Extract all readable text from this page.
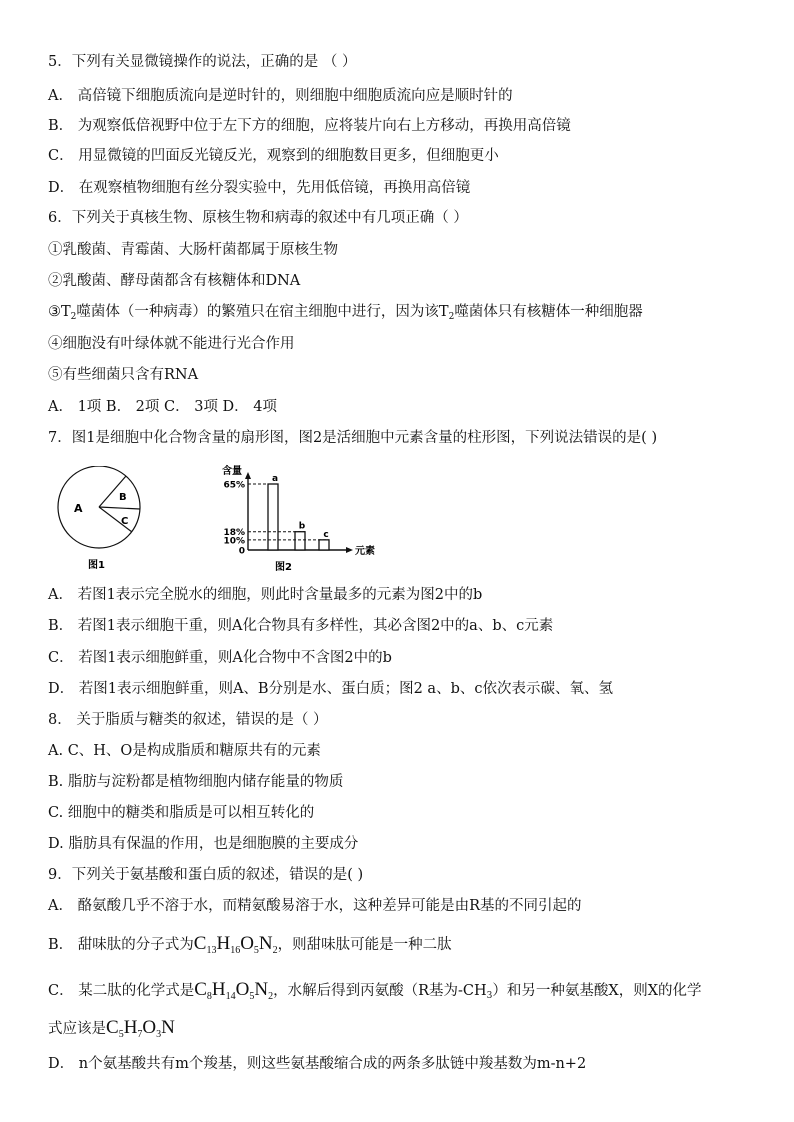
5．下列有关显微镜操作的说法，正确的是 （ ）
A． 高倍镜下细胞质流向是逆时针的，则细胞中细胞质流向应是顺时针的
B． 为观察低倍视野中位于左下方的细胞，应将装片向右上方移动，再换用高倍镜
C． 用显微镜的凹面反光镜反光，观察到的细胞数目更多，但细胞更小
D． 在观察植物细胞有丝分裂实验中，先用低倍镜，再换用高倍镜
6．下列关于真核生物、原核生物和病毒的叙述中有几项正确（ ）
①乳酸菌、青霉菌、大肠杆菌都属于原核生物
②乳酸菌、酵母菌都含有核糖体和DNA
$③T_2$噬菌体（一种病毒）的繁殖只在宿主细胞中进行，因为该$T_2$噬菌体只有核糖体一种细胞器
④细胞没有叶绿体就不能进行光合作用
⑤有些细菌只含有RNA
A． 1项 B． 2项 C． 3项 D． 4项
7．图1是细胞中化合物含量的扇形图，图2是活细胞中元素含量的柱形图，下列说法错误的是( )
A
B
C
图1
含量
元素
a
b
c
65%
18%
10%
0
图2
A． 若图1表示完全脱水的细胞，则此时含量最多的元素为图2中的b
B． 若图1表示细胞干重，则A化合物具有多样性，其必含图2中的a、b、c元素
C． 若图1表示细胞鲜重，则A化合物中不含图2中的b
D． 若图1表示细胞鲜重，则A、B分别是水、蛋白质；图2 a、b、c依次表示碳、氧、氢
8． 关于脂质与糖类的叙述，错误的是（ ）
A. C、H、O是构成脂质和糖原共有的元素
B. 脂肪与淀粉都是植物细胞内储存能量的物质
C. 细胞中的糖类和脂质是可以相互转化的
D. 脂肪具有保温的作用，也是细胞膜的主要成分
9．下列关于氨基酸和蛋白质的叙述，错误的是( )
A． 酪氨酸几乎不溶于水，而精氨酸易溶于水，这种差异可能是由R基的不同引起的
B． 甜味肽的分子式为$C_{13}H_{16}O_5N_2$，则甜味肽可能是一种二肽
C． 某二肽的化学式是$C_8H_{14}O_5N_2$，水解后得到丙氨酸（R基为$-CH_3$）和另一种氨基酸X，则X的化学
式应该是$C_5H_7O_3N$
D． n个氨基酸共有m个羧基，则这些氨基酸缩合成的两条多肽链中羧基数为m-n+2
